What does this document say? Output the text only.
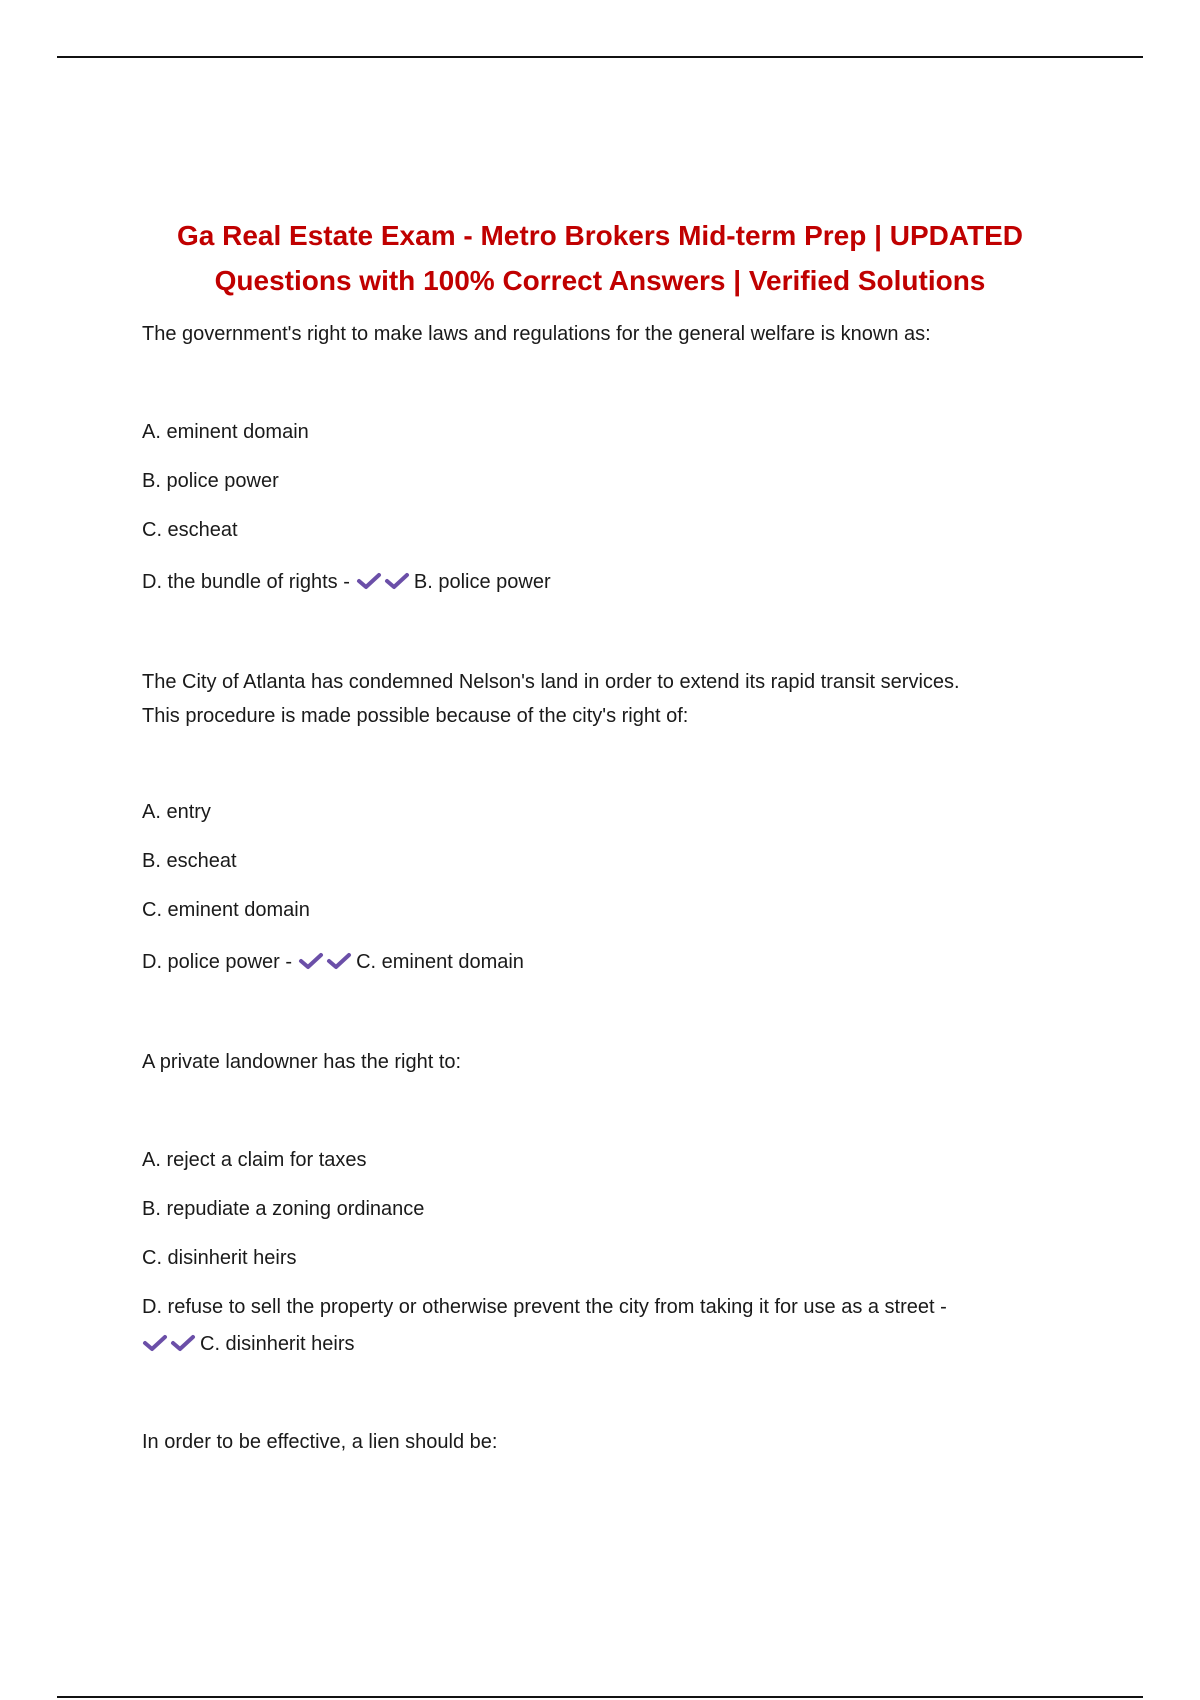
Ga Real Estate Exam - Metro Brokers Mid-term Prep | UPDATED
Questions with 100% Correct Answers | Verified Solutions
The government's right to make laws and regulations for the general welfare is known as:
A. eminent domain
B. police power
C. escheat
D. the bundle of rights -	B. police power
The City of Atlanta has condemned Nelson's land in order to extend its rapid transit services.
This procedure is made possible because of the city's right of:
A. entry
B. escheat
C. eminent domain
D. police power -	C. eminent domain
A private landowner has the right to:
A. reject a claim for taxes
B. repudiate a zoning ordinance
C. disinherit heirs
D. refuse to sell the property or otherwise prevent the city from taking it for use as a street -
C. disinherit heirs
In order to be effective, a lien should be:
